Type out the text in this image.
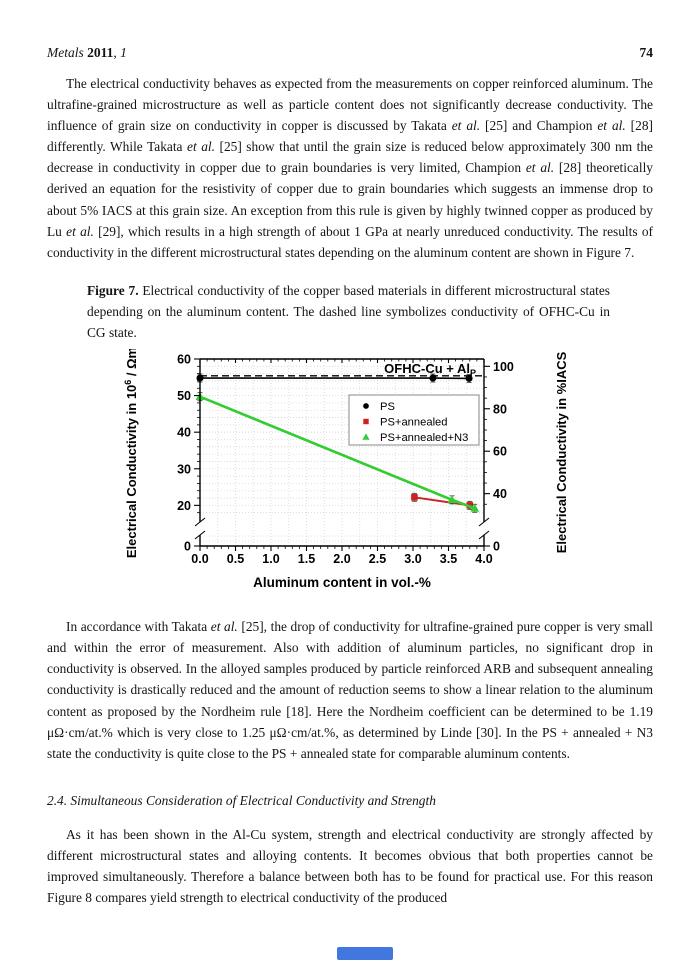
Metals 2011, 1	74

The electrical conductivity behaves as expected from the measurements on copper reinforced aluminum. The ultrafine-grained microstructure as well as particle content does not significantly decrease conductivity. The influence of grain size on conductivity in copper is discussed by Takata et al. [25] and Champion et al. [28] differently. While Takata et al. [25] show that until the grain size is reduced below approximately 300 nm the decrease in conductivity in copper due to grain boundaries is very limited, Champion et al. [28] theoretically derived an equation for the resistivity of copper due to grain boundaries which suggests an immense drop to about 5% IACS at this grain size. An exception from this rule is given by highly twinned copper as produced by Lu et al. [29], which results in a high strength of about 1 GPa at nearly unreduced conductivity. The results of conductivity in the different microstructural states depending on the aluminum content are shown in Figure 7.

Figure 7. Electrical conductivity of the copper based materials in different microstructural states depending on the aluminum content. The dashed line symbolizes conductivity of OFHC-Cu in CG state.
0.0 0.5 1.0 1.5 2.0 2.5 3.0 3.5 4.0
20
30
40
50
60
0
40
60
80
100
0
OFHC-Cu + $Al_P$
PS
PS+annealed
PS+annealed+N3
Electrical Conductivity in $10^6$ / Ωm	Electrical Conductivity in %IACS
Aluminum content in vol.-%

In accordance with Takata et al. [25], the drop of conductivity for ultrafine-grained pure copper is very small and within the error of measurement. Also with addition of aluminum particles, no significant drop in conductivity is observed. In the alloyed samples produced by particle reinforced ARB and subsequent annealing conductivity is drastically reduced and the amount of reduction seems to show a linear relation to the aluminum content as proposed by the Nordheim rule [18]. Here the Nordheim coefficient can be determined to be 1.19 μΩ·cm/at.% which is very close to 1.25 μΩ·cm/at.%, as determined by Linde [30]. In the PS + annealed + N3 state the conductivity is quite close to the PS + annealed state for comparable aluminum contents.

2.4. Simultaneous Consideration of Electrical Conductivity and Strength

As it has been shown in the Al-Cu system, strength and electrical conductivity are strongly affected by different microstructural states and alloying contents. It becomes obvious that both properties cannot be improved simultaneously. Therefore a balance between both has to be found for practical use. For this reason Figure 8 compares yield strength to electrical conductivity of the produced
